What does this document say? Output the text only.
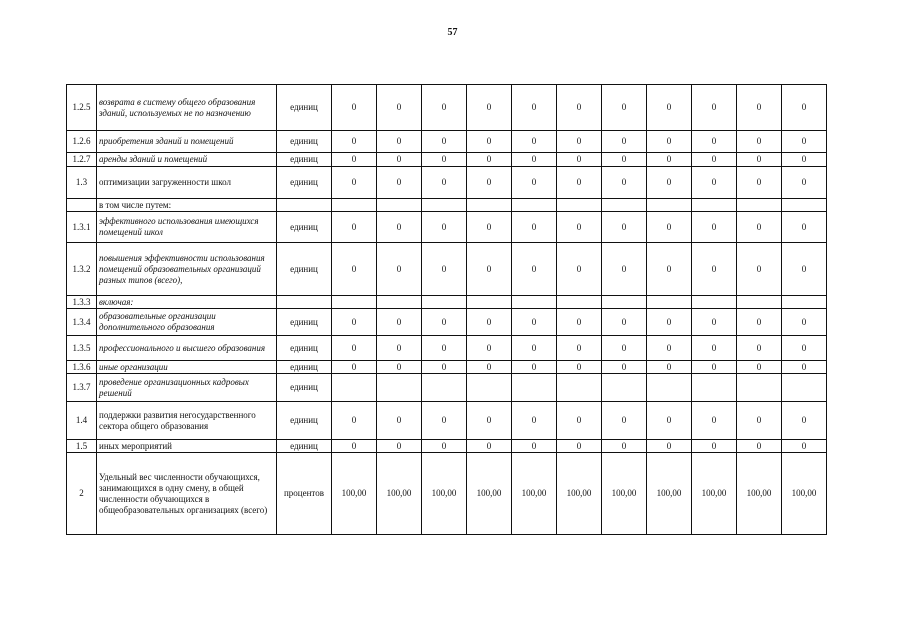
57
1.2.5	возврата в систему общего образования зданий, используемых не по назначению	единиц	0	0	0	0	0	0	0	0	0	0	0
1.2.6	приобретения зданий и помещений	единиц	0	0	0	0	0	0	0	0	0	0	0
1.2.7	аренды зданий и помещений	единиц	0	0	0	0	0	0	0	0	0	0	0
1.3	оптимизации загруженности школ	единиц	0	0	0	0	0	0	0	0	0	0	0
	в том числе путем:												
1.3.1	эффективного использования имеющихся помещений школ	единиц	0	0	0	0	0	0	0	0	0	0	0
1.3.2	повышения эффективности использования помещений образовательных организаций разных типов (всего),	единиц	0	0	0	0	0	0	0	0	0	0	0
1.3.3	включая:												
1.3.4	образовательные организации дополнительного образования	единиц	0	0	0	0	0	0	0	0	0	0	0
1.3.5	профессионального и высшего образования	единиц	0	0	0	0	0	0	0	0	0	0	0
1.3.6	иные организации	единиц	0	0	0	0	0	0	0	0	0	0	0
1.3.7	проведение организационных кадровых решений	единиц											
1.4	поддержки развития негосударственного сектора общего образования	единиц	0	0	0	0	0	0	0	0	0	0	0
1.5	иных мероприятий	единиц	0	0	0	0	0	0	0	0	0	0	0
2	Удельный вес численности обучающихся, занимающихся в одну смену, в общей численности обучающихся в общеобразовательных организациях (всего)	процентов	100,00	100,00	100,00	100,00	100,00	100,00	100,00	100,00	100,00	100,00	100,00
